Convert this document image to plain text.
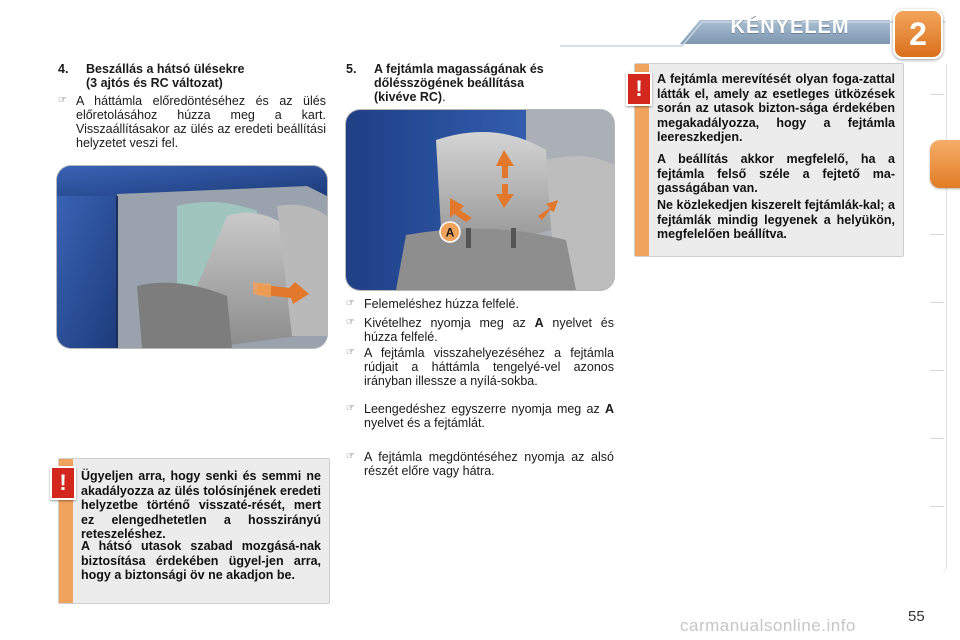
KÉNYELEM	2
4. Beszállás a hátsó ülésekre
(3 ajtós és RC változat)
☞ A háttámla előredöntéséhez és az ülés előretolásához húzza meg a kart. Visszaállításakor az ülés az eredeti beállítási helyzetet veszi fel.
5. A fejtámla magasságának és
dőlésszögének beállítása
(kivéve RC).
A
☞ Felemeléshez húzza felfelé.
☞ Kivételhez nyomja meg az A nyelvet és húzza felfelé.
☞ A fejtámla visszahelyezéséhez a fejtámla rúdjait a háttámla tengelyé-vel azonos irányban illessze a nyílá-sokba.
☞ Leengedéshez egyszerre nyomja meg az A nyelvet és a fejtámlát.
☞ A fejtámla megdöntéséhez nyomja az alsó részét előre vagy hátra.
Ügyeljen arra, hogy senki és semmi ne akadályozza az ülés tolósínjének eredeti helyzetbe történő visszaté-rését, mert ez elengedhetetlen a hosszirányú reteszeléshez.
A hátsó utasok szabad mozgásá-nak biztosítása érdekében ügyel-jen arra, hogy a biztonsági öv ne akadjon be.
!
A fejtámla merevítését olyan foga-zattal látták el, amely az esetleges ütközések során az utasok bizton-sága érdekében megakadályozza, hogy a fejtámla leereszkedjen.
A beállítás akkor megfelelő, ha a fejtámla felső széle a fejtető ma-gasságában van.
Ne közlekedjen kiszerelt fejtámlák-kal; a fejtámlák mindig legyenek a helyükön, megfelelően beállítva.
!
55
carmanualsonline.info
